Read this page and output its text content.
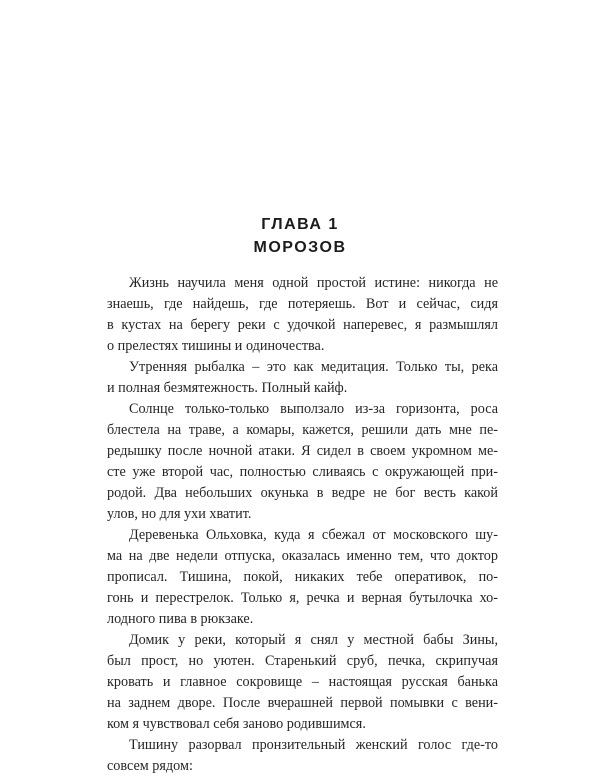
ГЛАВА 1
МОРОЗОВ
Жизнь научила меня одной простой истине: никогда не
знаешь, где найдешь, где потеряешь. Вот и сейчас, сидя
в кустах на берегу реки с удочкой наперевес, я размышлял
о прелестях тишины и одиночества.
Утренняя рыбалка – это как медитация. Только ты, река
и полная безмятежность. Полный кайф.
Солнце только-только выползало из-за горизонта, роса
блестела на траве, а комары, кажется, решили дать мне пе-
редышку после ночной атаки. Я сидел в своем укромном ме-
сте уже второй час, полностью сливаясь с окружающей при-
родой. Два небольших окунька в ведре не бог весть какой
улов, но для ухи хватит.
Деревенька Ольховка, куда я сбежал от московского шу-
ма на две недели отпуска, оказалась именно тем, что доктор
прописал. Тишина, покой, никаких тебе оперативок, по-
гонь и перестрелок. Только я, речка и верная бутылочка хо-
лодного пива в рюкзаке.
Домик у реки, который я снял у местной бабы Зины,
был прост, но уютен. Старенький сруб, печка, скрипучая
кровать и главное сокровище – настоящая русская банька
на заднем дворе. После вчерашней первой помывки с вени-
ком я чувствовал себя заново родившимся.
Тишину разорвал пронзительный женский голос где-то
совсем рядом:
